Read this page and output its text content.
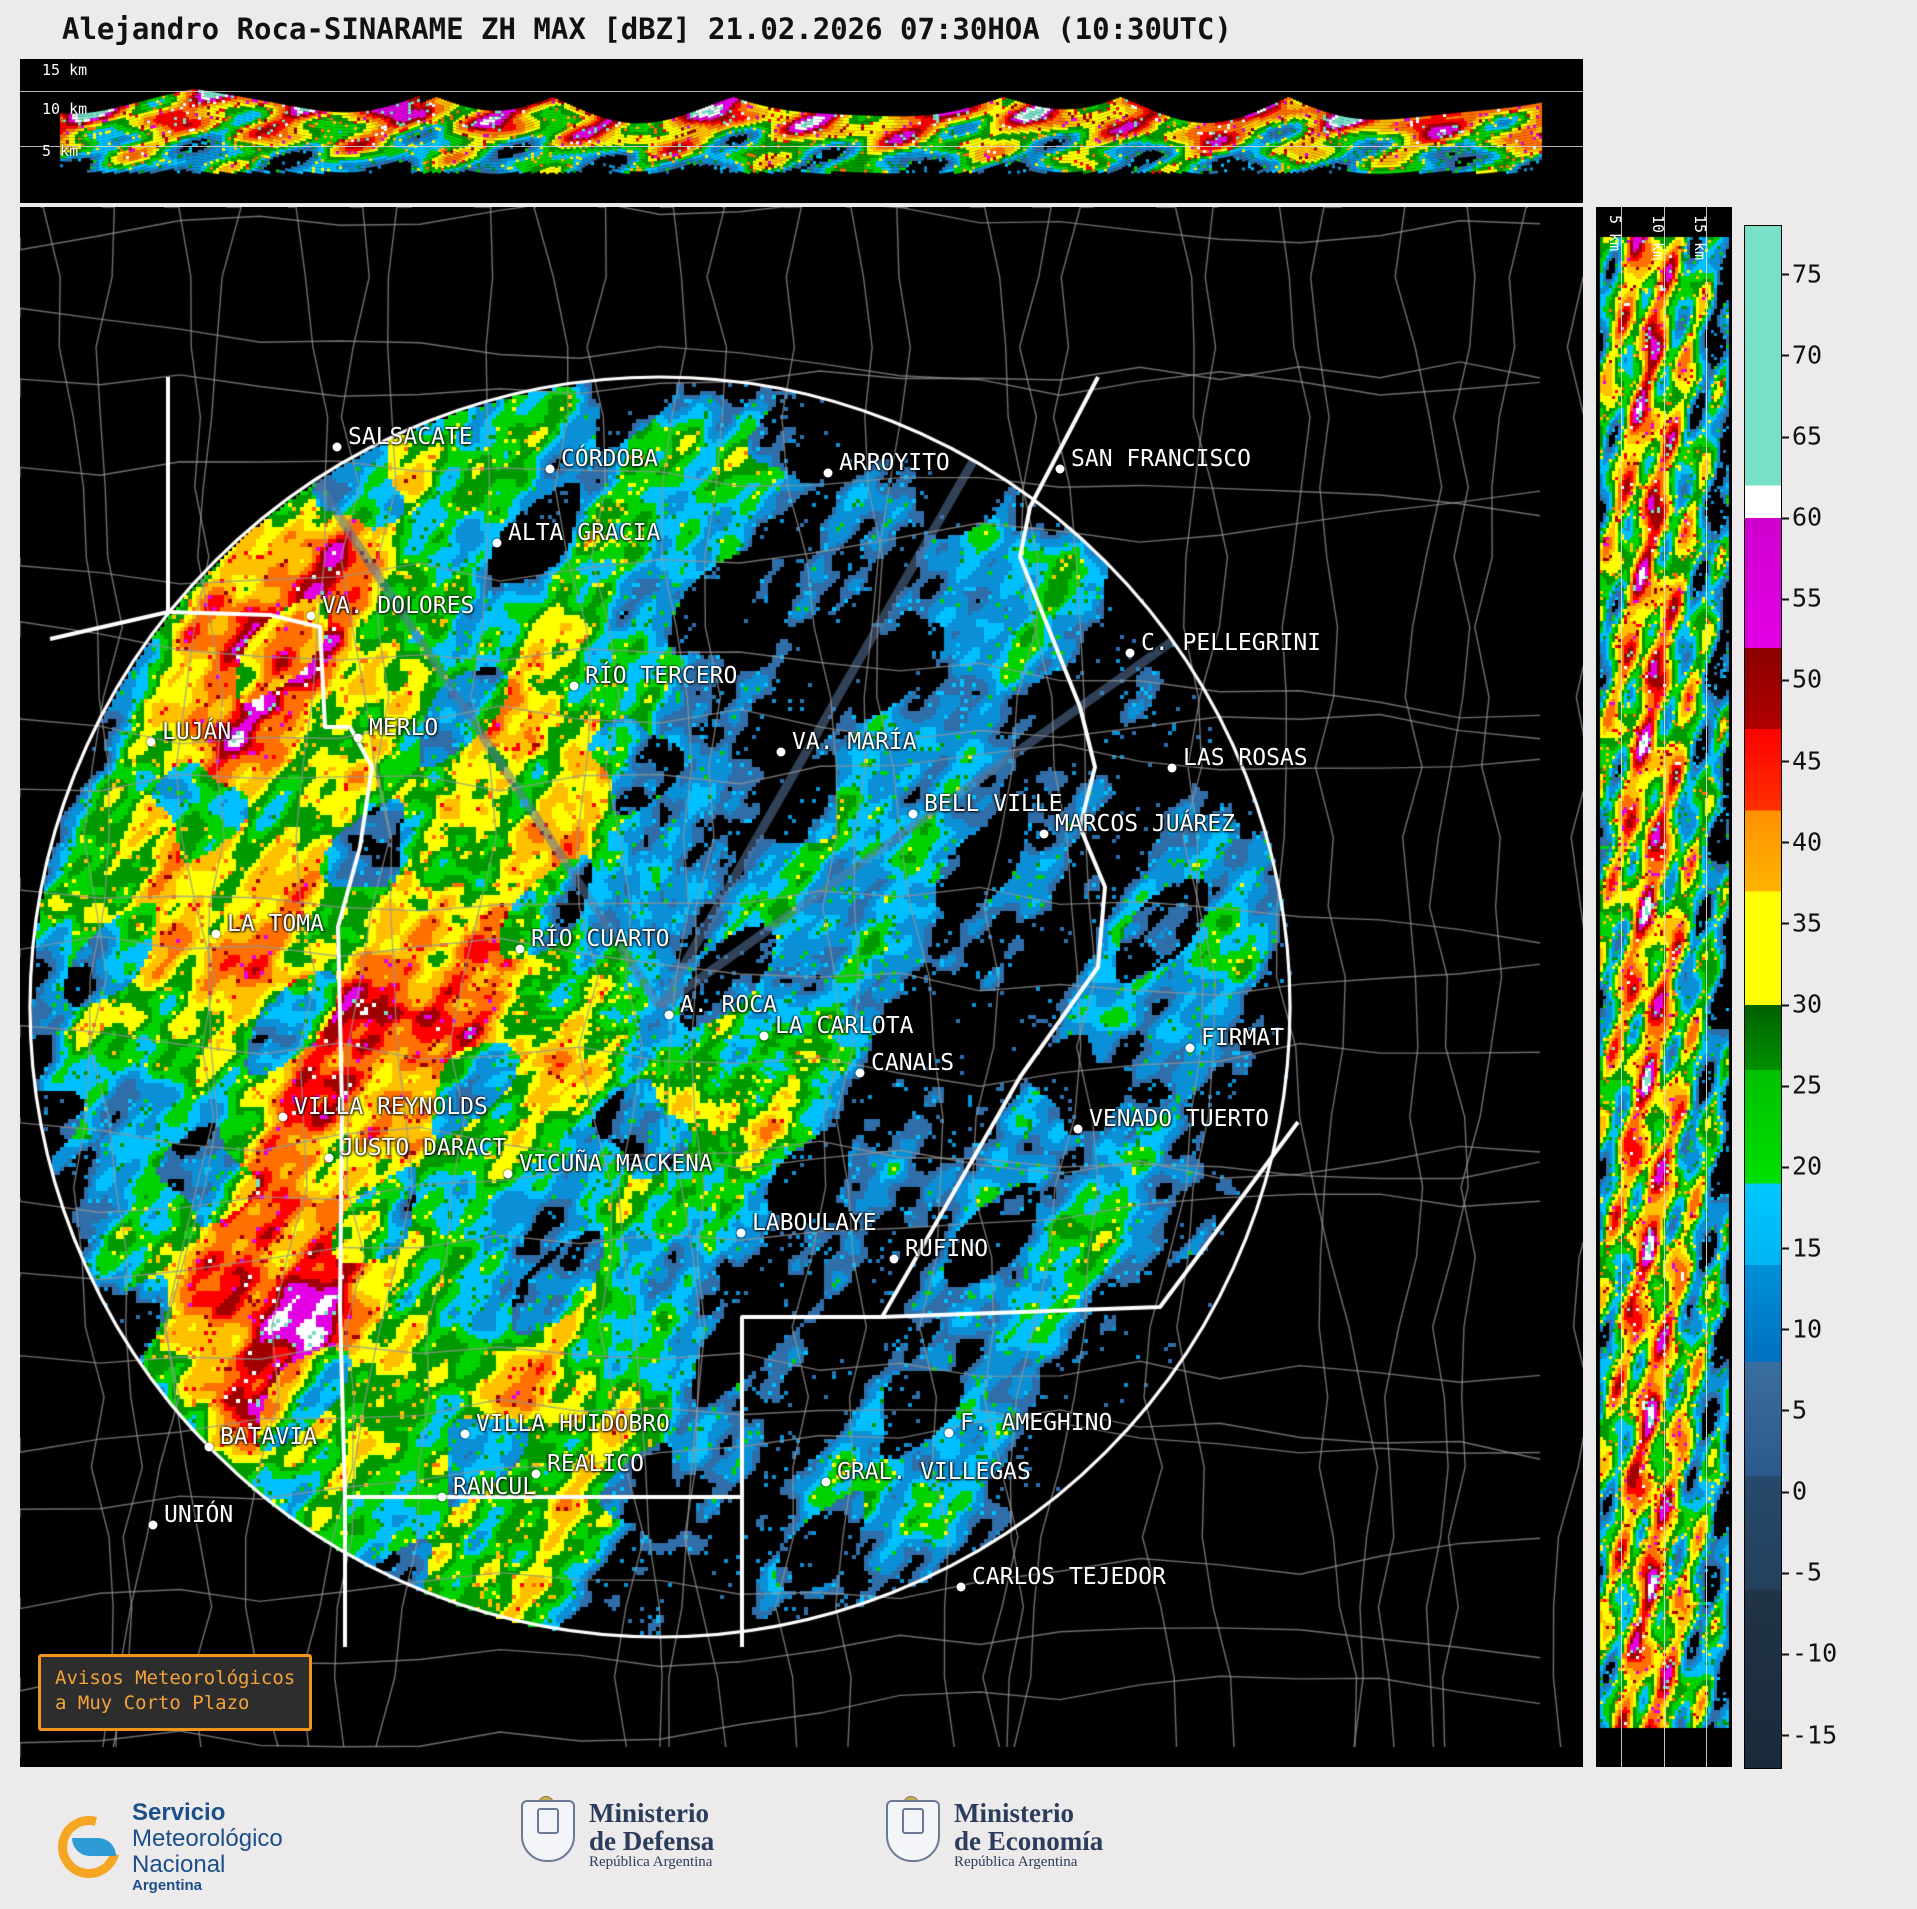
Alejandro Roca-SINARAME ZH MAX [dBZ] 21.02.2026 07:30HOA (10:30UTC)
15 km
10 km
5 km
SALSACATE
CÓRDOBA	ARROYITO	SAN FRANCISCO
ALTA GRACIA
VA. DOLORES
C. PELLEGRINI
RÍO TERCERO
MERLO
LUJÁN	VA. MARÍA
LAS ROSAS
BELL VILLE
MARCOS JUÁREZ
LA TOMA
RÍO CUARTO
A. ROCA
LA CARLOTA	FIRMAT
CANALS
VILLA REYNOLDS	VENADO TUERTO
JUSTO DARACT
VICUÑA MACKENA
LABOULAYE
RUFINO
BATAVIA
F. AMEGHINO
VILLA HUIDOBRO
GRAL. VILLEGAS
REALICO
RANCUL
UNIÓN
CARLOS TEJEDOR
Avisos Meteorológicos
a Muy Corto Plazo
5 km 10 km 15 km
75
70
65
60
55
50
45
40
35
30
25
20
15
10
5
0
-5
-10
-15
Servicio
Meteorológico
Nacional
Argentina
Ministerio
de Defensa
República Argentina
Ministerio
de Economía
República Argentina
